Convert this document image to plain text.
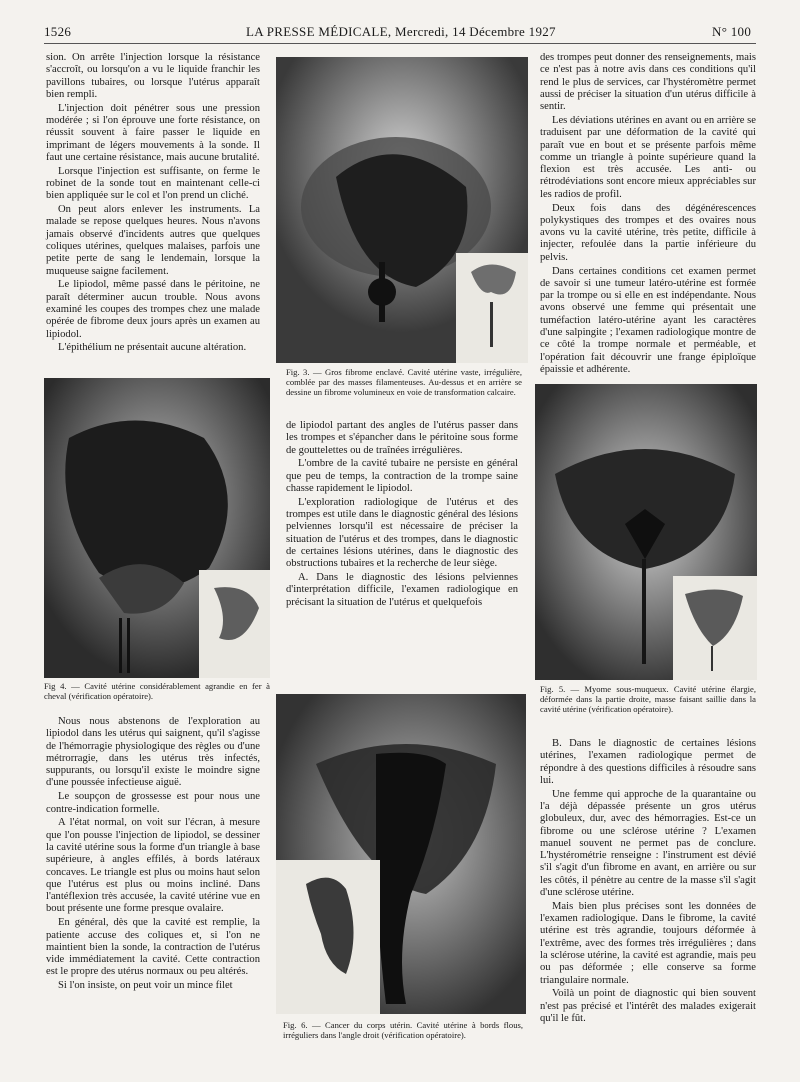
1526	LA PRESSE MÉDICALE, Mercredi, 14 Décembre 1927	N° 100

sion. On arrête l'injection lorsque la résistance s'accroît, ou lorsqu'on a vu le liquide franchir les pavillons tubaires, ou lorsque l'utérus apparaît bien rempli.

L'injection doit pénétrer sous une pression modérée ; si l'on éprouve une forte résistance, on réussit souvent à faire passer le liquide en imprimant de légers mouvements à la sonde. Il faut une certaine résistance, mais aucune brutalité.

Lorsque l'injection est suffisante, on ferme le robinet de la sonde tout en maintenant celle-ci bien appliquée sur le col et l'on prend un cliché.

On peut alors enlever les instruments. La malade se repose quelques heures. Nous n'avons jamais observé d'incidents autres que quelques coliques utérines, quelques malaises, parfois une petite perte de sang le lendemain, lorsque la muqueuse saigne facilement.

Le lipiodol, même passé dans le péritoine, ne paraît déterminer aucun trouble. Nous avons examiné les coupes des trompes chez une malade opérée de fibrome deux jours après un examen au lipiodol.

L'épithélium ne présentait aucune altération.

Fig. 3. — Gros fibrome enclavé. Cavité utérine vaste, irrégulière, comblée par des masses filamenteuses. Au-dessus et en arrière se dessine un fibrome volumineux en voie de transformation calcaire.

des trompes peut donner des renseignements, mais ce n'est pas à notre avis dans ces conditions qu'il rend le plus de services, car l'hystéromètre permet aussi de préciser la situation d'un utérus difficile à sentir.

Les déviations utérines en avant ou en arrière se traduisent par une déformation de la cavité qui paraît vue en bout et se présente parfois même comme un triangle à pointe supérieure quand la flexion est très accusée. Les anti- ou rétrodéviations sont encore mieux appréciables sur les radios de profil.

Deux fois dans des dégénérescences polykystiques des trompes et des ovaires nous avons vu la cavité utérine, très petite, difficile à injecter, refoulée dans la partie inférieure du pelvis.

Dans certaines conditions cet examen permet de savoir si une tumeur latéro-utérine est formée par la trompe ou si elle en est indépendante. Nous avons observé une femme qui présentait une tuméfaction latéro-utérine ayant les caractères d'une salpingite ; l'examen radiologique montre de ce côté la trompe normale et perméable, et l'opération fait découvrir une frange épiploïque épaissie et adhérente.

Fig 4. — Cavité utérine considérablement agrandie en fer à cheval (vérification opératoire).

de lipiodol partant des angles de l'utérus passer dans les trompes et s'épancher dans le péritoine sous forme de gouttelettes ou de traînées irrégulières.

L'ombre de la cavité tubaire ne persiste en général que peu de temps, la contraction de la trompe saine chasse rapidement le lipiodol.

L'exploration radiologique de l'utérus et des trompes est utile dans le diagnostic général des lésions pelviennes lorsqu'il est nécessaire de préciser la situation de l'utérus et des trompes, dans le diagnostic de certaines lésions utérines, dans le diagnostic des obstructions tubaires et la recherche de leur siège.

A. Dans le diagnostic des lésions pelviennes d'interprétation difficile, l'examen radiologique en précisant la situation de l'utérus et quelquefois

Fig. 5. — Myome sous-muqueux. Cavité utérine élargie, déformée dans la partie droite, masse faisant saillie dans la cavité utérine (vérification opératoire).

Nous nous abstenons de l'exploration au lipiodol dans les utérus qui saignent, qu'il s'agisse de l'hémorragie physiologique des règles ou d'une métrorragie, dans les utérus très infectés, suppurants, ou lorsqu'il existe le moindre signe d'une poussée infectieuse aiguë.

Le soupçon de grossesse est pour nous une contre-indication formelle.

A l'état normal, on voit sur l'écran, à mesure que l'on pousse l'injection de lipiodol, se dessiner la cavité utérine sous la forme d'un triangle à base supérieure, à angles effilés, à bords latéraux concaves. Le triangle est plus ou moins haut selon que l'utérus est plus ou moins incliné. Dans l'antéflexion très accusée, la cavité utérine vue en bout présente une forme presque ovalaire.

En général, dès que la cavité est remplie, la patiente accuse des coliques et, si l'on ne maintient bien la sonde, la contraction de l'utérus vide immédiatement la cavité. Cette contraction est le propre des utérus normaux ou peu altérés.

Si l'on insiste, on peut voir un mince filet

Fig. 6. — Cancer du corps utérin. Cavité utérine à bords flous, irréguliers dans l'angle droit (vérification opératoire).

B. Dans le diagnostic de certaines lésions utérines, l'examen radiologique permet de répondre à des questions difficiles à résoudre sans lui.

Une femme qui approche de la quarantaine ou l'a déjà dépassée présente un gros utérus globuleux, dur, avec des hémorragies. Est-ce un fibrome ou une sclérose utérine ? L'examen manuel souvent ne permet pas de conclure. L'hystérométrie renseigne : l'instrument est dévié s'il s'agit d'un fibrome en avant, en arrière ou sur les côtés, il pénètre au centre de la masse s'il s'agit d'une sclérose utérine.

Mais bien plus précises sont les données de l'examen radiologique. Dans le fibrome, la cavité utérine est très agrandie, toujours déformée à l'extrême, avec des formes très irrégulières ; dans la sclérose utérine, la cavité est agrandie, mais peu ou pas déformée ; elle conserve sa forme triangulaire normale.

Voilà un point de diagnostic qui bien souvent n'est pas précisé et l'intérêt des malades exigerait qu'il le fût.
